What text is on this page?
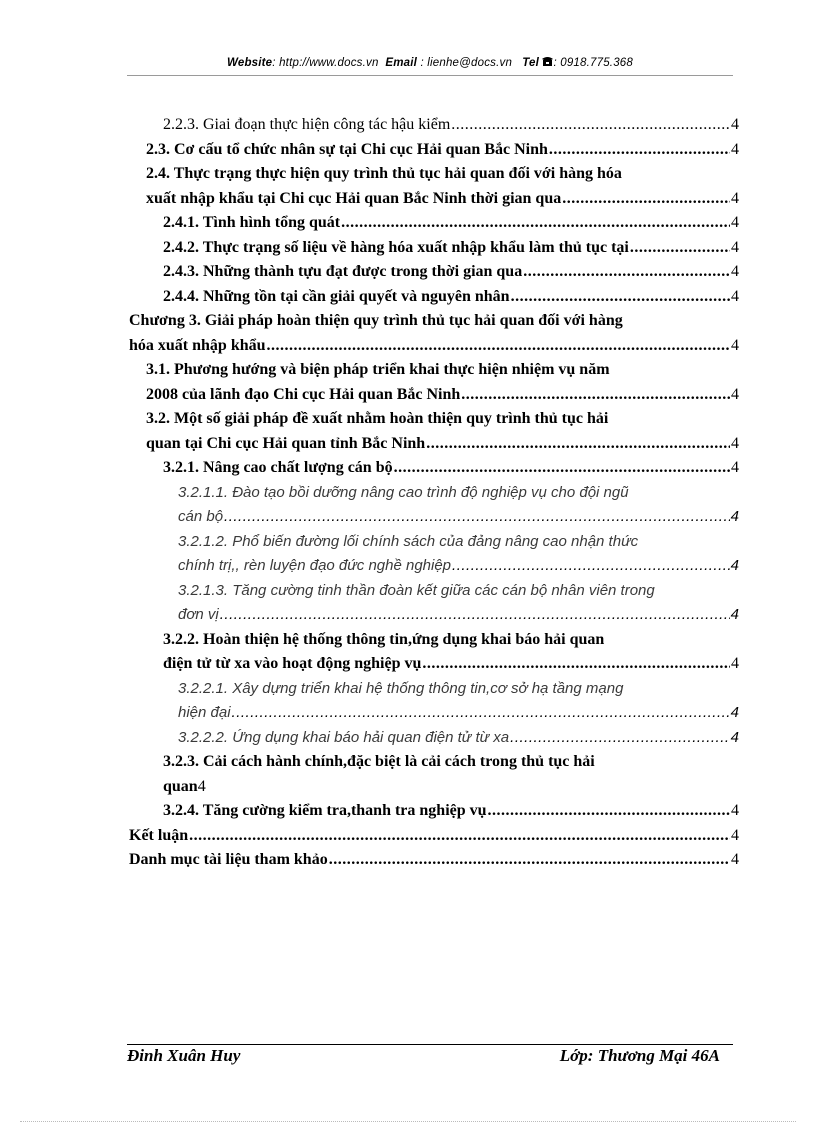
Website: http://www.docs.vn Email : lienhe@docs.vn Tel : 0918.775.368
2.2.3. Giai đoạn thực hiện công tác hậu kiểm .....	4
2.3. Cơ cấu tổ chức nhân sự tại Chi cục Hải quan Bắc Ninh .....	4
2.4. Thực trạng thực hiện quy trình thủ tục hải quan đối với hàng hóa
xuất nhập khẩu tại Chi cục Hải quan Bắc Ninh thời gian qua .....	4
2.4.1. Tình hình tổng quát .....	4
2.4.2. Thực trạng số liệu về hàng hóa xuất nhập khẩu làm thủ tục tại .....	4
2.4.3. Những thành tựu đạt được trong thời gian qua .....	4
2.4.4. Những tồn tại cần giải quyết và nguyên nhân .....	4
Chương 3. Giải pháp hoàn thiện quy trình thủ tục hải quan đối với hàng
hóa xuất nhập khẩu .....	4
3.1. Phương hướng và biện pháp triển khai thực hiện nhiệm vụ năm
2008 của lãnh đạo Chi cục Hải quan Bắc Ninh .....	4
3.2. Một số giải pháp đề xuất nhằm hoàn thiện quy trình thủ tục hải
quan tại Chi cục Hải quan tỉnh Bắc Ninh .....	4
3.2.1. Nâng cao chất lượng cán bộ .....	4
3.2.1.1. Đào tạo bồi dưỡng nâng cao trình độ nghiệp vụ cho đội ngũ
cán bộ .....	4
3.2.1.2. Phổ biến đường lối chính sách của đảng nâng cao nhận thức
chính trị,, rèn luyện đạo đức nghề nghiệp .....	4
3.2.1.3. Tăng cường tinh thần đoàn kết giữa các cán bộ nhân viên trong
đơn vị .....	4
3.2.2. Hoàn thiện hệ thống thông tin,ứng dụng khai báo hải quan
điện tử từ xa vào hoạt động nghiệp vụ .....	4
3.2.2.1. Xây dựng triển khai hệ thống thông tin,cơ sở hạ tầng mạng
hiện đại .....	4
3.2.2.2. Ứng dụng khai báo hải quan điện tử từ xa .....	4
3.2.3. Cải cách hành chính,đặc biệt là cải cách trong thủ tục hải
quan 4
3.2.4. Tăng cường kiểm tra,thanh tra nghiệp vụ .....	4
Kết luận .....	4
Danh mục tài liệu tham khảo .....	4
Đinh Xuân Huy	Lớp: Thương Mại 46A
